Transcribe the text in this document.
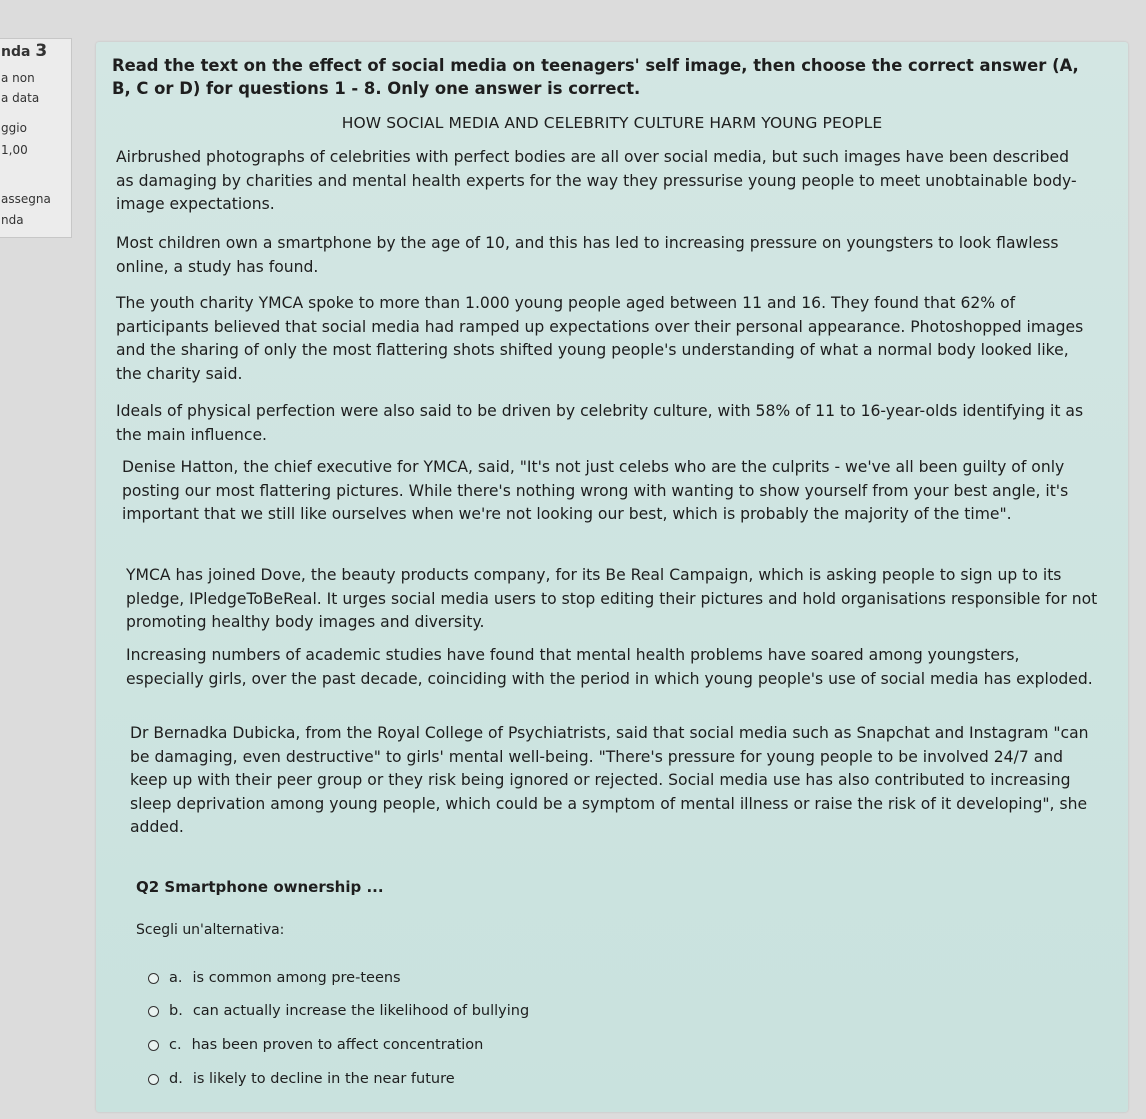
nda 3
a non
a data
ggio
1,00
assegna
nda
Read the text on the effect of social media on teenagers' self image, then choose the correct answer (A, B, C or D) for questions 1 - 8. Only one answer is correct.
HOW SOCIAL MEDIA AND CELEBRITY CULTURE HARM YOUNG PEOPLE

Airbrushed photographs of celebrities with perfect bodies are all over social media, but such images have been described as damaging by charities and mental health experts for the way they pressurise young people to meet unobtainable body-image expectations.

Most children own a smartphone by the age of 10, and this has led to increasing pressure on youngsters to look flawless online, a study has found.

The youth charity YMCA spoke to more than 1.000 young people aged between 11 and 16. They found that 62% of participants believed that social media had ramped up expectations over their personal appearance. Photoshopped images and the sharing of only the most flattering shots shifted young people's understanding of what a normal body looked like, the charity said.

Ideals of physical perfection were also said to be driven by celebrity culture, with 58% of 11 to 16-year-olds identifying it as the main influence.

Denise Hatton, the chief executive for YMCA, said, "It's not just celebs who are the culprits - we've all been guilty of only posting our most flattering pictures. While there's nothing wrong with wanting to show yourself from your best angle, it's important that we still like ourselves when we're not looking our best, which is probably the majority of the time".

YMCA has joined Dove, the beauty products company, for its Be Real Campaign, which is asking people to sign up to its pledge, IPledgeToBeReal. It urges social media users to stop editing their pictures and hold organisations responsible for not promoting healthy body images and diversity.

Increasing numbers of academic studies have found that mental health problems have soared among youngsters, especially girls, over the past decade, coinciding with the period in which young people's use of social media has exploded.

Dr Bernadka Dubicka, from the Royal College of Psychiatrists, said that social media such as Snapchat and Instagram "can be damaging, even destructive" to girls' mental well-being. "There's pressure for young people to be involved 24/7 and keep up with their peer group or they risk being ignored or rejected. Social media use has also contributed to increasing sleep deprivation among young people, which could be a symptom of mental illness or raise the risk of it developing", she added.

Q2 Smartphone ownership ...
Scegli un'alternativa:
a. is common among pre-teens
b. can actually increase the likelihood of bullying
c. has been proven to affect concentration
d. is likely to decline in the near future
